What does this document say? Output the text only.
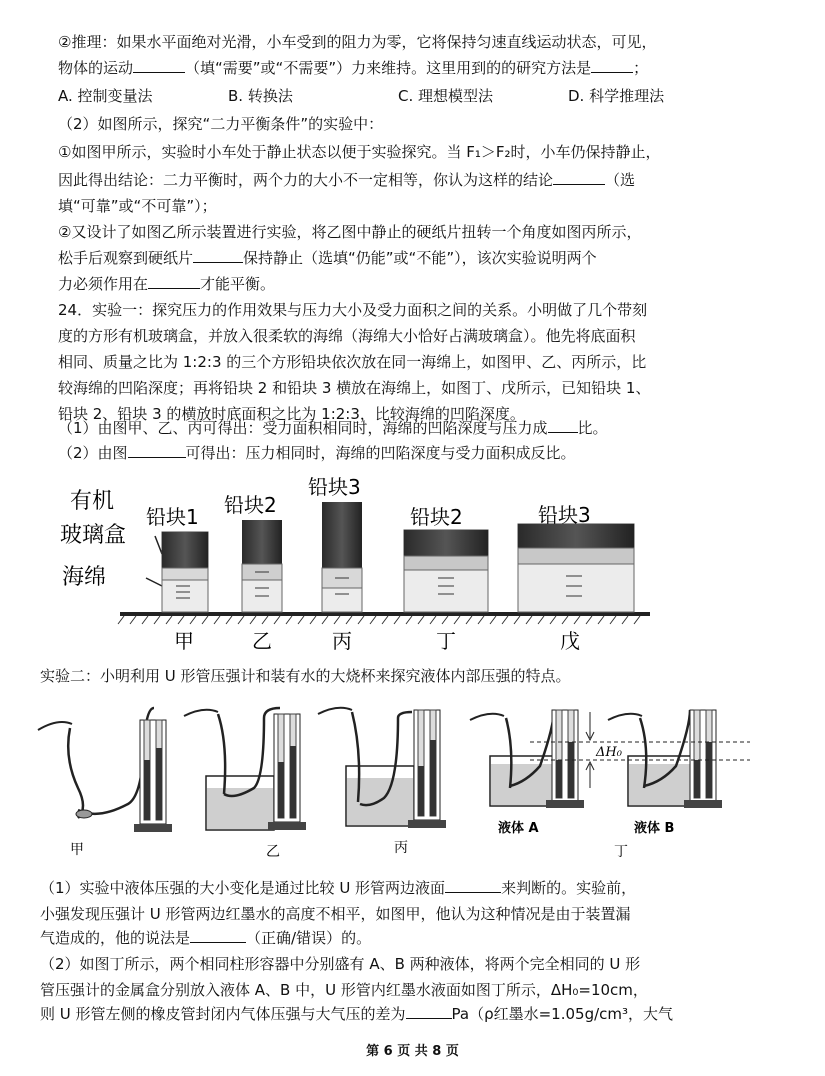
②推理：如果水平面绝对光滑，小车受到的阻力为零，它将保持匀速直线运动状态，可见，
物体的运动	（填“需要”或“不需要”）力来维持。这里用到的的研究方法是	；
A. 控制变量法	B. 转换法	C. 理想模型法	D. 科学推理法
（2）如图所示，探究“二力平衡条件”的实验中：
①如图甲所示，实验时小车处于静止状态以便于实验探究。当 F₁＞F₂时，小车仍保持静止，
因此得出结论：二力平衡时，两个力的大小不一定相等，你认为这样的结论	（选
填“可靠”或“不可靠”）；
②又设计了如图乙所示装置进行实验，将乙图中静止的硬纸片扭转一个角度如图丙所示，
松手后观察到硬纸片	保持静止（选填“仍能”或“不能”），该次实验说明两个
力必须作用在	才能平衡。
24．实验一：探究压力的作用效果与压力大小及受力面积之间的关系。小明做了几个带刻
度的方形有机玻璃盒，并放入很柔软的海绵（海绵大小恰好占满玻璃盒）。他先将底面积
相同、质量之比为 1:2:3 的三个方形铅块依次放在同一海绵上，如图甲、乙、丙所示，比
较海绵的凹陷深度；再将铅块 2 和铅块 3 横放在海绵上，如图丁、戊所示，已知铅块 1、
铅块 2、铅块 3 的横放时底面积之比为 1:2:3，比较海绵的凹陷深度。
（1）由图甲、乙、丙可得出：受力面积相同时，海绵的凹陷深度与压力成 比。
（2）由图	可得出：压力相同时，海绵的凹陷深度与受力面积成反比。
有机
玻璃盒
海绵
铅块1 铅块2
铅块3
铅块2	铅块3
甲	乙	丙	丁	戊
实验二：小明利用 U 形管压强计和装有水的大烧杯来探究液体内部压强的特点。
甲	乙	丙
液体 A	液体 B
ΔH₀
丁
（1）实验中液体压强的大小变化是通过比较 U 形管两边液面	来判断的。实验前，
小强发现压强计 U 形管两边红墨水的高度不相平，如图甲，他认为这种情况是由于装置漏
气造成的，他的说法是	（正确/错误）的。
（2）如图丁所示，两个相同柱形容器中分别盛有 A、B 两种液体，将两个完全相同的 U 形
管压强计的金属盒分别放入液体 A、B 中，U 形管内红墨水液面如图丁所示，ΔH₀=10cm，
则 U 形管左侧的橡皮管封闭内气体压强与大气压的差为	Pa（ρ红墨水=1.05g/cm³，大气
第 6 页 共 8 页
